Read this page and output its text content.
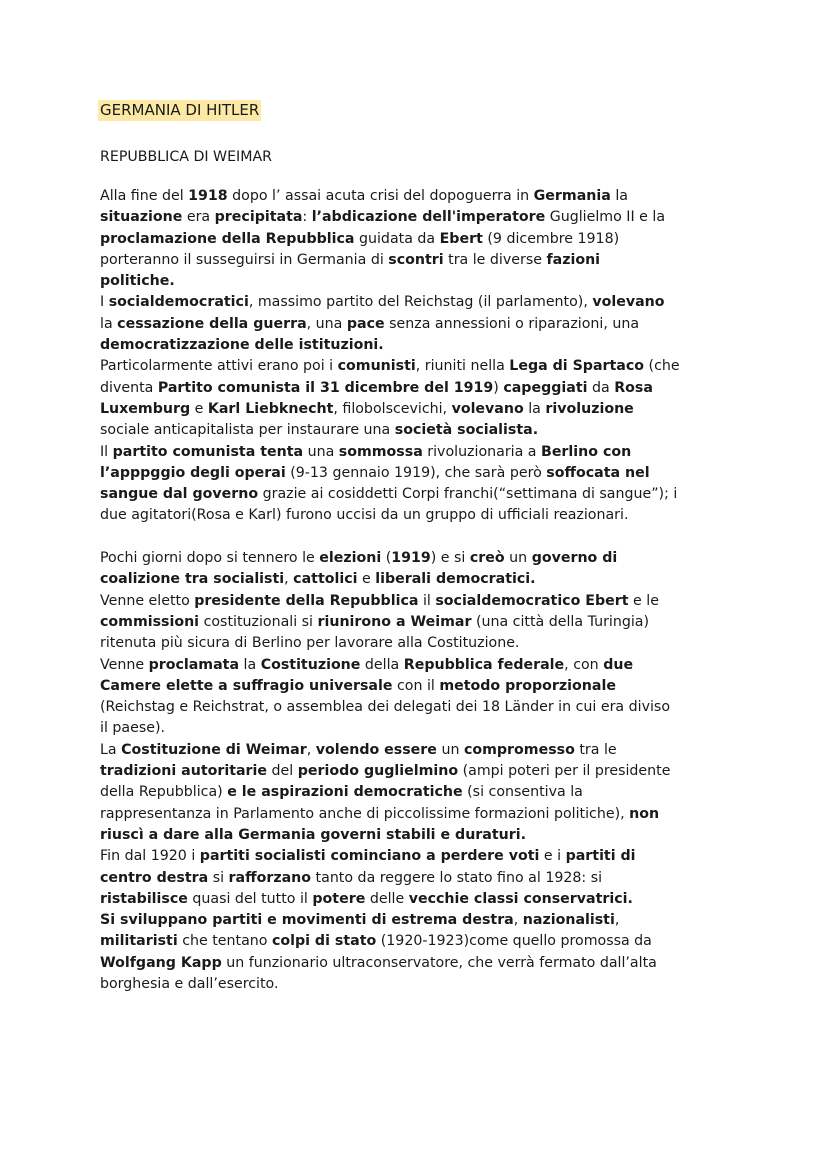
GERMANIA DI HITLER
REPUBBLICA DI WEIMAR
Alla fine del 1918 dopo l’ assai acuta crisi del dopoguerra in Germania la
situazione era precipitata: l’abdicazione dell'imperatore Guglielmo II e la
proclamazione della Repubblica guidata da Ebert (9 dicembre 1918)
porteranno il susseguirsi in Germania di scontri tra le diverse fazioni
politiche.
I socialdemocratici, massimo partito del Reichstag (il parlamento), volevano
la cessazione della guerra, una pace senza annessioni o riparazioni, una
democratizzazione delle istituzioni.
Particolarmente attivi erano poi i comunisti, riuniti nella Lega di Spartaco (che
diventa Partito comunista il 31 dicembre del 1919) capeggiati da Rosa
Luxemburg e Karl Liebknecht, filobolscevichi, volevano la rivoluzione
sociale anticapitalista per instaurare una società socialista.
Il partito comunista tenta una sommossa rivoluzionaria a Berlino con
l’apppggio degli operai (9-13 gennaio 1919), che sarà però soffocata nel
sangue dal governo grazie ai cosiddetti Corpi franchi(“settimana di sangue”); i
due agitatori(Rosa e Karl) furono uccisi da un gruppo di ufficiali reazionari.
Pochi giorni dopo si tennero le elezioni (1919) e si creò un governo di
coalizione tra socialisti, cattolici e liberali democratici.
Venne eletto presidente della Repubblica il socialdemocratico Ebert e le
commissioni costituzionali si riunirono a Weimar (una città della Turingia)
ritenuta più sicura di Berlino per lavorare alla Costituzione.
Venne proclamata la Costituzione della Repubblica federale, con due
Camere elette a suffragio universale con il metodo proporzionale
(Reichstag e Reichstrat, o assemblea dei delegati dei 18 Länder in cui era diviso
il paese).
La Costituzione di Weimar, volendo essere un compromesso tra le
tradizioni autoritarie del periodo guglielmino (ampi poteri per il presidente
della Repubblica) e le aspirazioni democratiche (si consentiva la
rappresentanza in Parlamento anche di piccolissime formazioni politiche), non
riuscì a dare alla Germania governi stabili e duraturi.
Fin dal 1920 i partiti socialisti cominciano a perdere voti e i partiti di
centro destra si rafforzano tanto da reggere lo stato fino al 1928: si
ristabilisce quasi del tutto il potere delle vecchie classi conservatrici.
Si sviluppano partiti e movimenti di estrema destra, nazionalisti,
militaristi che tentano colpi di stato (1920-1923)come quello promossa da
Wolfgang Kapp un funzionario ultraconservatore, che verrà fermato dall’alta
borghesia e dall’esercito.
